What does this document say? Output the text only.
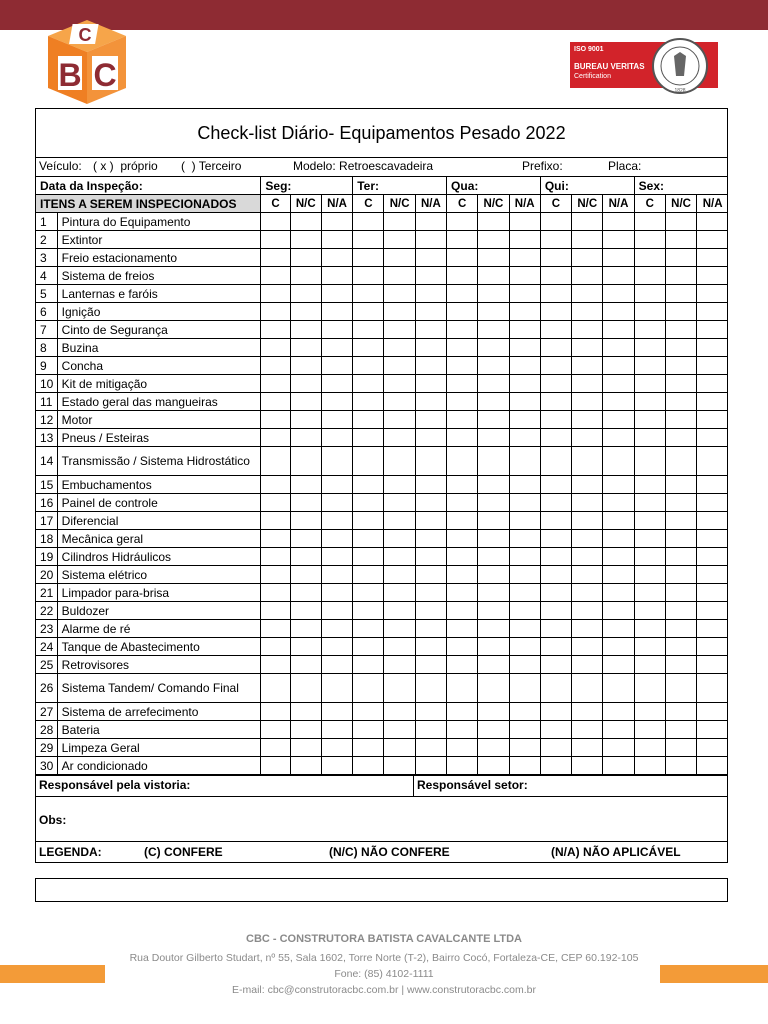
C
B C
ISO 9001
BUREAU VERITAS
Certification
1828
Check-list Diário- Equipamentos Pesado 2022
Veículo: ( x )  próprio (  ) Terceiro	Modelo: Retroescavadeira	Prefixo:	Placa:
Data da Inspeção:		Seg:			Ter:			Qua:			Qui:			Sex:		
ITENS A SEREM INSPECIONADOS		C	N/C	N/A	C	N/C	N/A	C	N/C	N/A	C	N/C	N/A	C	N/C	N/A
1	Pintura do Equipamento															
2	Extintor															
3	Freio estacionamento															
4	Sistema de freios															
5	Lanternas e faróis															
6	Ignição															
7	Cinto de Segurança															
8	Buzina															
9	Concha															
10	Kit de mitigação															
11	Estado geral das mangueiras															
12	Motor															
13	Pneus / Esteiras															
14	Transmissão / Sistema Hidrostático															
15	Embuchamentos															
16	Painel de controle															
17	Diferencial															
18	Mecânica geral															
19	Cilindros Hidráulicos															
20	Sistema elétrico															
21	Limpador para-brisa															
22	Buldozer															
23	Alarme de ré															
24	Tanque de Abastecimento															
25	Retrovisores															
26	Sistema Tandem/ Comando Final															
27	Sistema de arrefecimento															
28	Bateria															
29	Limpeza Geral															
30	Ar condicionado															
Responsável pela vistoria:	Responsável setor:
Obs:
LEGENDA:	(C) CONFERE	(N/C) NÃO CONFERE	(N/A) NÃO APLICÁVEL
CBC - CONSTRUTORA BATISTA CAVALCANTE LTDA
Rua Doutor Gilberto Studart, nº 55, Sala 1602, Torre Norte (T-2), Bairro Cocó, Fortaleza-CE, CEP 60.192-105
Fone: (85) 4102-1111
E-mail: cbc@construtoracbc.com.br | www.construtoracbc.com.br
